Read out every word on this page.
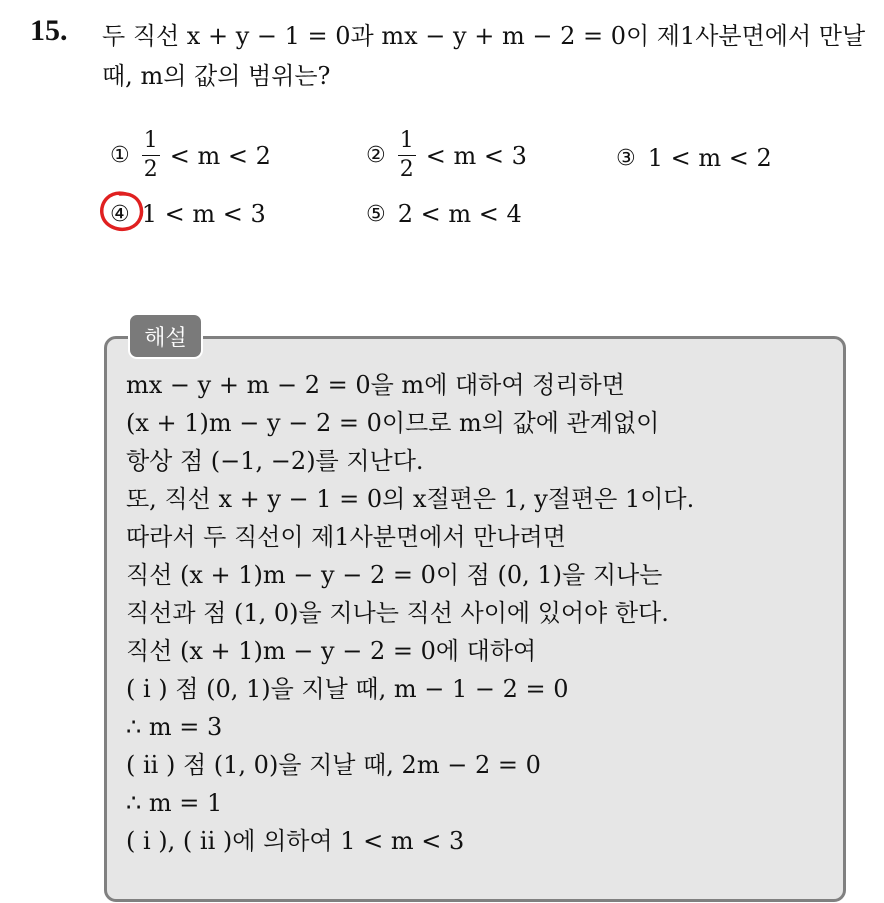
15. 두 직선 x + y − 1 = 0과 mx − y + m − 2 = 0이 제1사분면에서 만날
때, m의 값의 범위는?
① $\frac{1}{2} < m < 2$	② $\frac{1}{2} < m < 3$	③ 1 < m < 2
④ 1 < m < 3	⑤ 2 < m < 4
해설
mx − y + m − 2 = 0을 m에 대하여 정리하면
(x + 1)m − y − 2 = 0이므로 m의 값에 관계없이
항상 점 (−1, −2)를 지난다.
또, 직선 x + y − 1 = 0의 x절편은 1, y절편은 1이다.
따라서 두 직선이 제1사분면에서 만나려면
직선 (x + 1)m − y − 2 = 0이 점 (0, 1)을 지나는
직선과 점 (1, 0)을 지나는 직선 사이에 있어야 한다.
직선 (x + 1)m − y − 2 = 0에 대하여
( i ) 점 (0, 1)을 지날 때, m − 1 − 2 = 0
∴ m = 3
( ii ) 점 (1, 0)을 지날 때, 2m − 2 = 0
∴ m = 1
( i ), ( ii )에 의하여 1 < m < 3
